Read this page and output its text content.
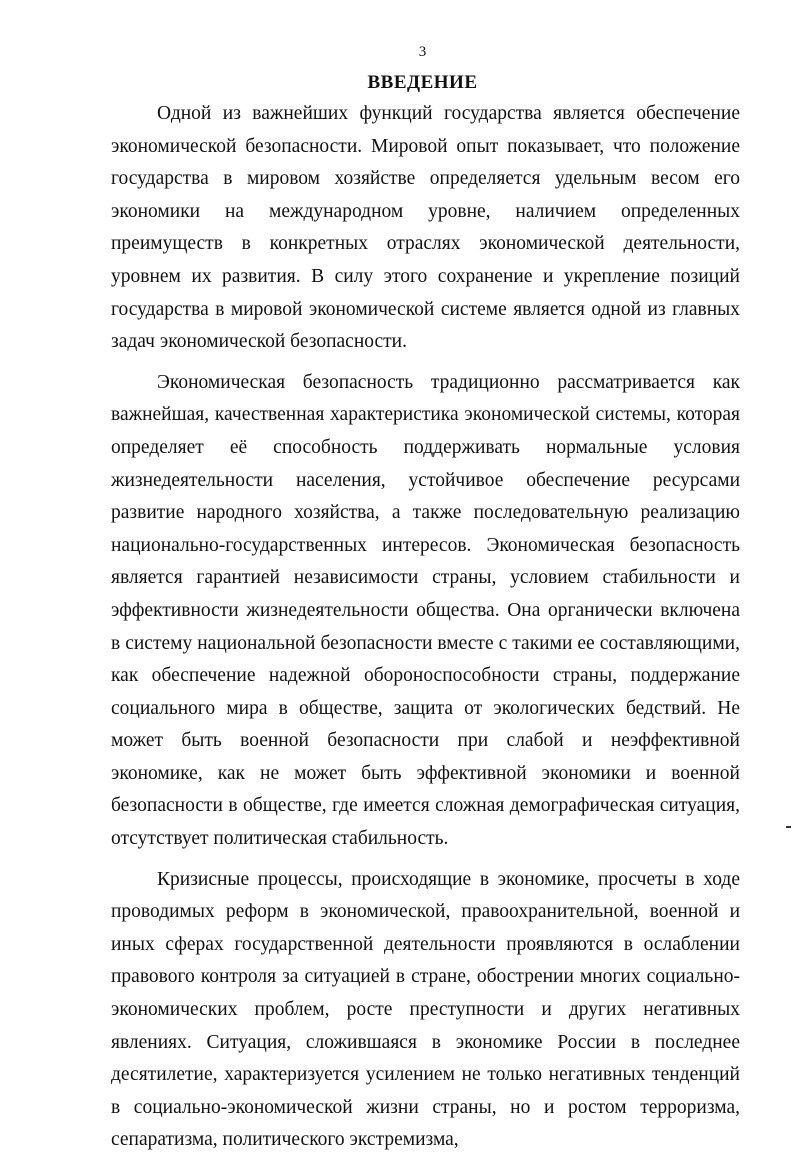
3
ВВЕДЕНИЕ

Одной из важнейших функций государства является обеспечение экономической безопасности. Мировой опыт показывает, что положение государства в мировом хозяйстве определяется удельным весом его экономики на международном уровне, наличием определенных преимуществ в конкретных отраслях экономической деятельности, уровнем их развития. В силу этого сохранение и укрепление позиций государства в мировой экономической системе является одной из главных задач экономической безопасности.

Экономическая безопасность традиционно рассматривается как важнейшая, качественная характеристика экономической системы, которая определяет её способность поддерживать нормальные условия жизнедеятельности населения, устойчивое обеспечение ресурсами развитие народного хозяйства, а также последовательную реализацию национально-государственных интересов. Экономическая безопасность является гарантией независимости страны, условием стабильности и эффективности жизнедеятельности общества. Она органически включена в систему национальной безопасности вместе с такими ее составляющими, как обеспечение надежной обороноспособности страны, поддержание социального мира в обществе, защита от экологических бедствий. Не может быть военной безопасности при слабой и неэффективной экономике, как не может быть эффективной экономики и военной безопасности в обществе, где имеется сложная демографическая ситуация, отсутствует политическая стабильность.

Кризисные процессы, происходящие в экономике, просчеты в ходе проводимых реформ в экономической, правоохранительной, военной и иных сферах государственной деятельности проявляются в ослаблении правового контроля за ситуацией в стране, обострении многих социально-экономических проблем, росте преступности и других негативных явлениях. Ситуация, сложившаяся в экономике России в последнее десятилетие, характеризуется усилением не только негативных тенденций в социально-экономической жизни страны, но и ростом терроризма, сепаратизма, политического экстремизма,
